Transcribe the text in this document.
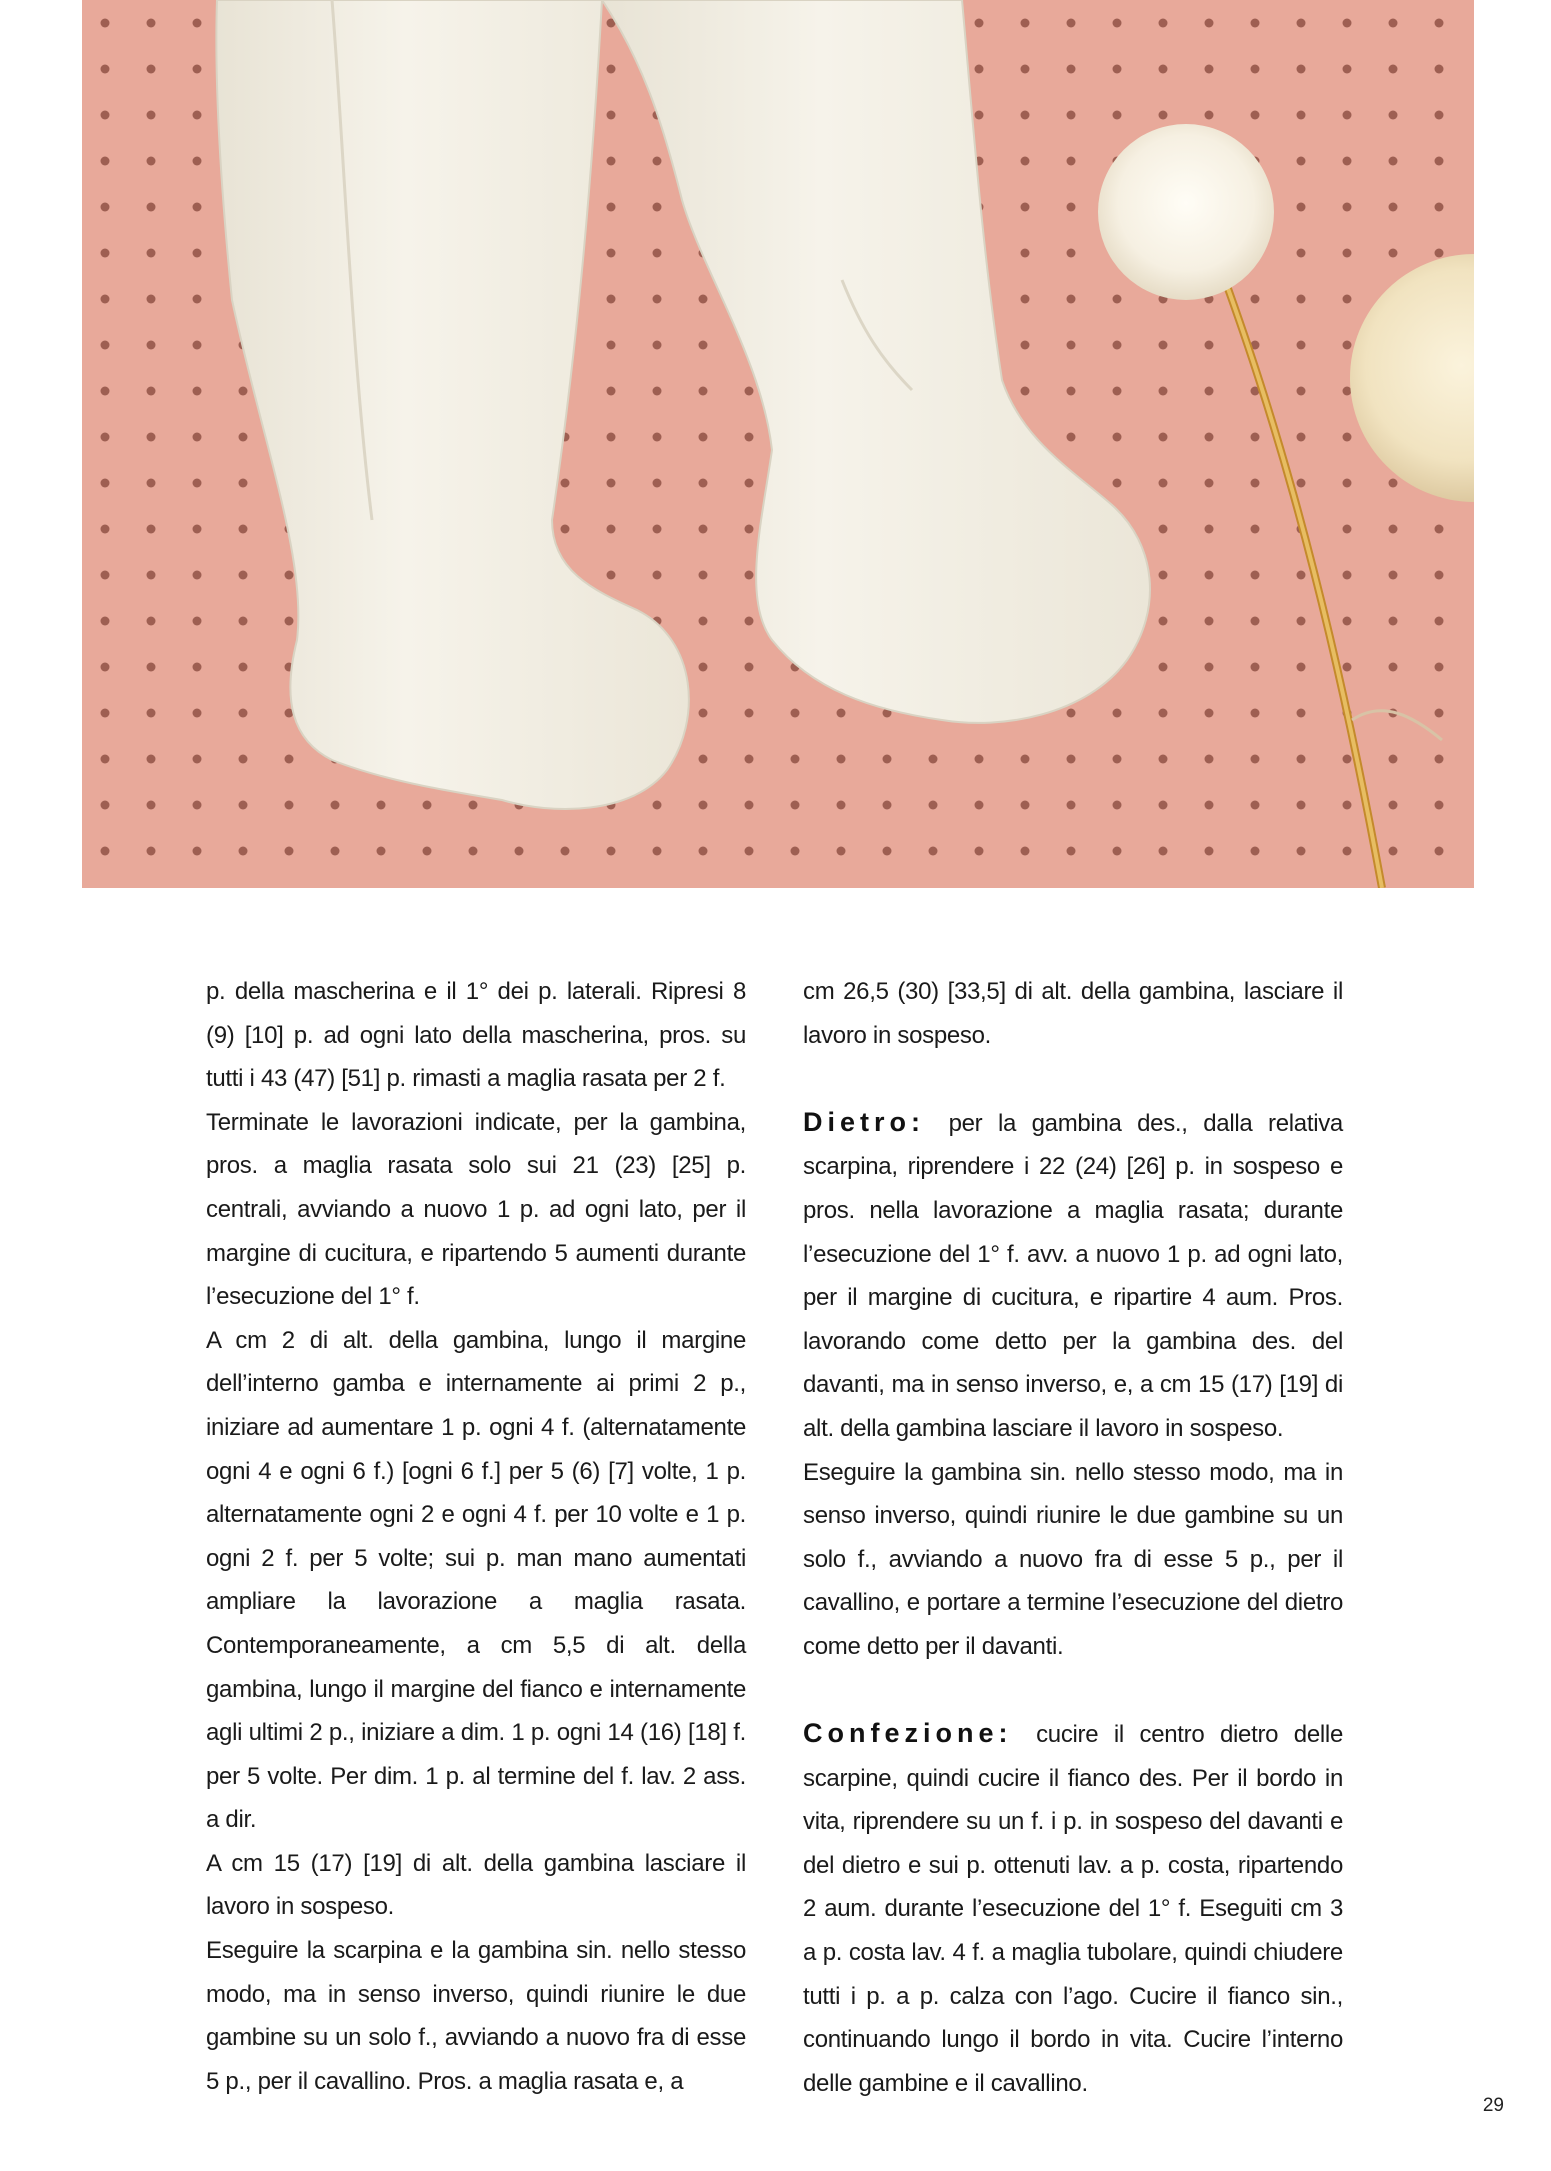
p. della mascherina e il 1° dei p. laterali. Ripresi 8 (9) [10] p. ad ogni lato della mascherina, pros. su tutti i 43 (47) [51] p. rimasti a maglia rasata per 2 f.

Terminate le lavorazioni indicate, per la gambina, pros. a maglia rasata solo sui 21 (23) [25] p. centrali, avviando a nuovo 1 p. ad ogni lato, per il margine di cucitura, e ripartendo 5 aumenti durante l’esecuzione del 1° f.

A cm 2 di alt. della gambina, lungo il margine dell’interno gamba e internamente ai primi 2 p., iniziare ad aumentare 1 p. ogni 4 f. (alternatamente ogni 4 e ogni 6 f.) [ogni 6 f.] per 5 (6) [7] volte, 1 p. alternatamente ogni 2 e ogni 4 f. per 10 volte e 1 p. ogni 2 f. per 5 volte; sui p. man mano aumentati ampliare la lavorazione a maglia rasata. Contemporaneamente, a cm 5,5 di alt. della gambina, lungo il margine del fianco e internamente agli ultimi 2 p., iniziare a dim. 1 p. ogni 14 (16) [18] f. per 5 volte. Per dim. 1 p. al termine del f. lav. 2 ass. a dir.

A cm 15 (17) [19] di alt. della gambina lasciare il lavoro in sospeso.

Eseguire la scarpina e la gambina sin. nello stesso modo, ma in senso inverso, quindi riunire le due gambine su un solo f., avviando a nuovo fra di esse 5 p., per il cavallino. Pros. a maglia rasata e, a

cm 26,5 (30) [33,5] di alt. della gambina, lasciare il lavoro in sospeso.

Dietro: per la gambina des., dalla relativa scarpina, riprendere i 22 (24) [26] p. in sospeso e pros. nella lavorazione a maglia rasata; durante l’esecuzione del 1° f. avv. a nuovo 1 p. ad ogni lato, per il margine di cucitura, e ripartire 4 aum. Pros. lavorando come detto per la gambina des. del davanti, ma in senso inverso, e, a cm 15 (17) [19] di alt. della gambina lasciare il lavoro in sospeso.

Eseguire la gambina sin. nello stesso modo, ma in senso inverso, quindi riunire le due gambine su un solo f., avviando a nuovo fra di esse 5 p., per il cavallino, e portare a termine l’esecuzione del dietro come detto per il davanti.

Confezione: cucire il centro dietro delle scarpine, quindi cucire il fianco des. Per il bordo in vita, riprendere su un f. i p. in sospeso del davanti e del dietro e sui p. ottenuti lav. a p. costa, ripartendo 2 aum. durante l’esecuzione del 1° f. Eseguiti cm 3 a p. costa lav. 4 f. a maglia tubolare, quindi chiudere tutti i p. a p. calza con l’ago. Cucire il fianco sin., continuando lungo il bordo in vita. Cucire l’interno delle gambine e il cavallino.

29
